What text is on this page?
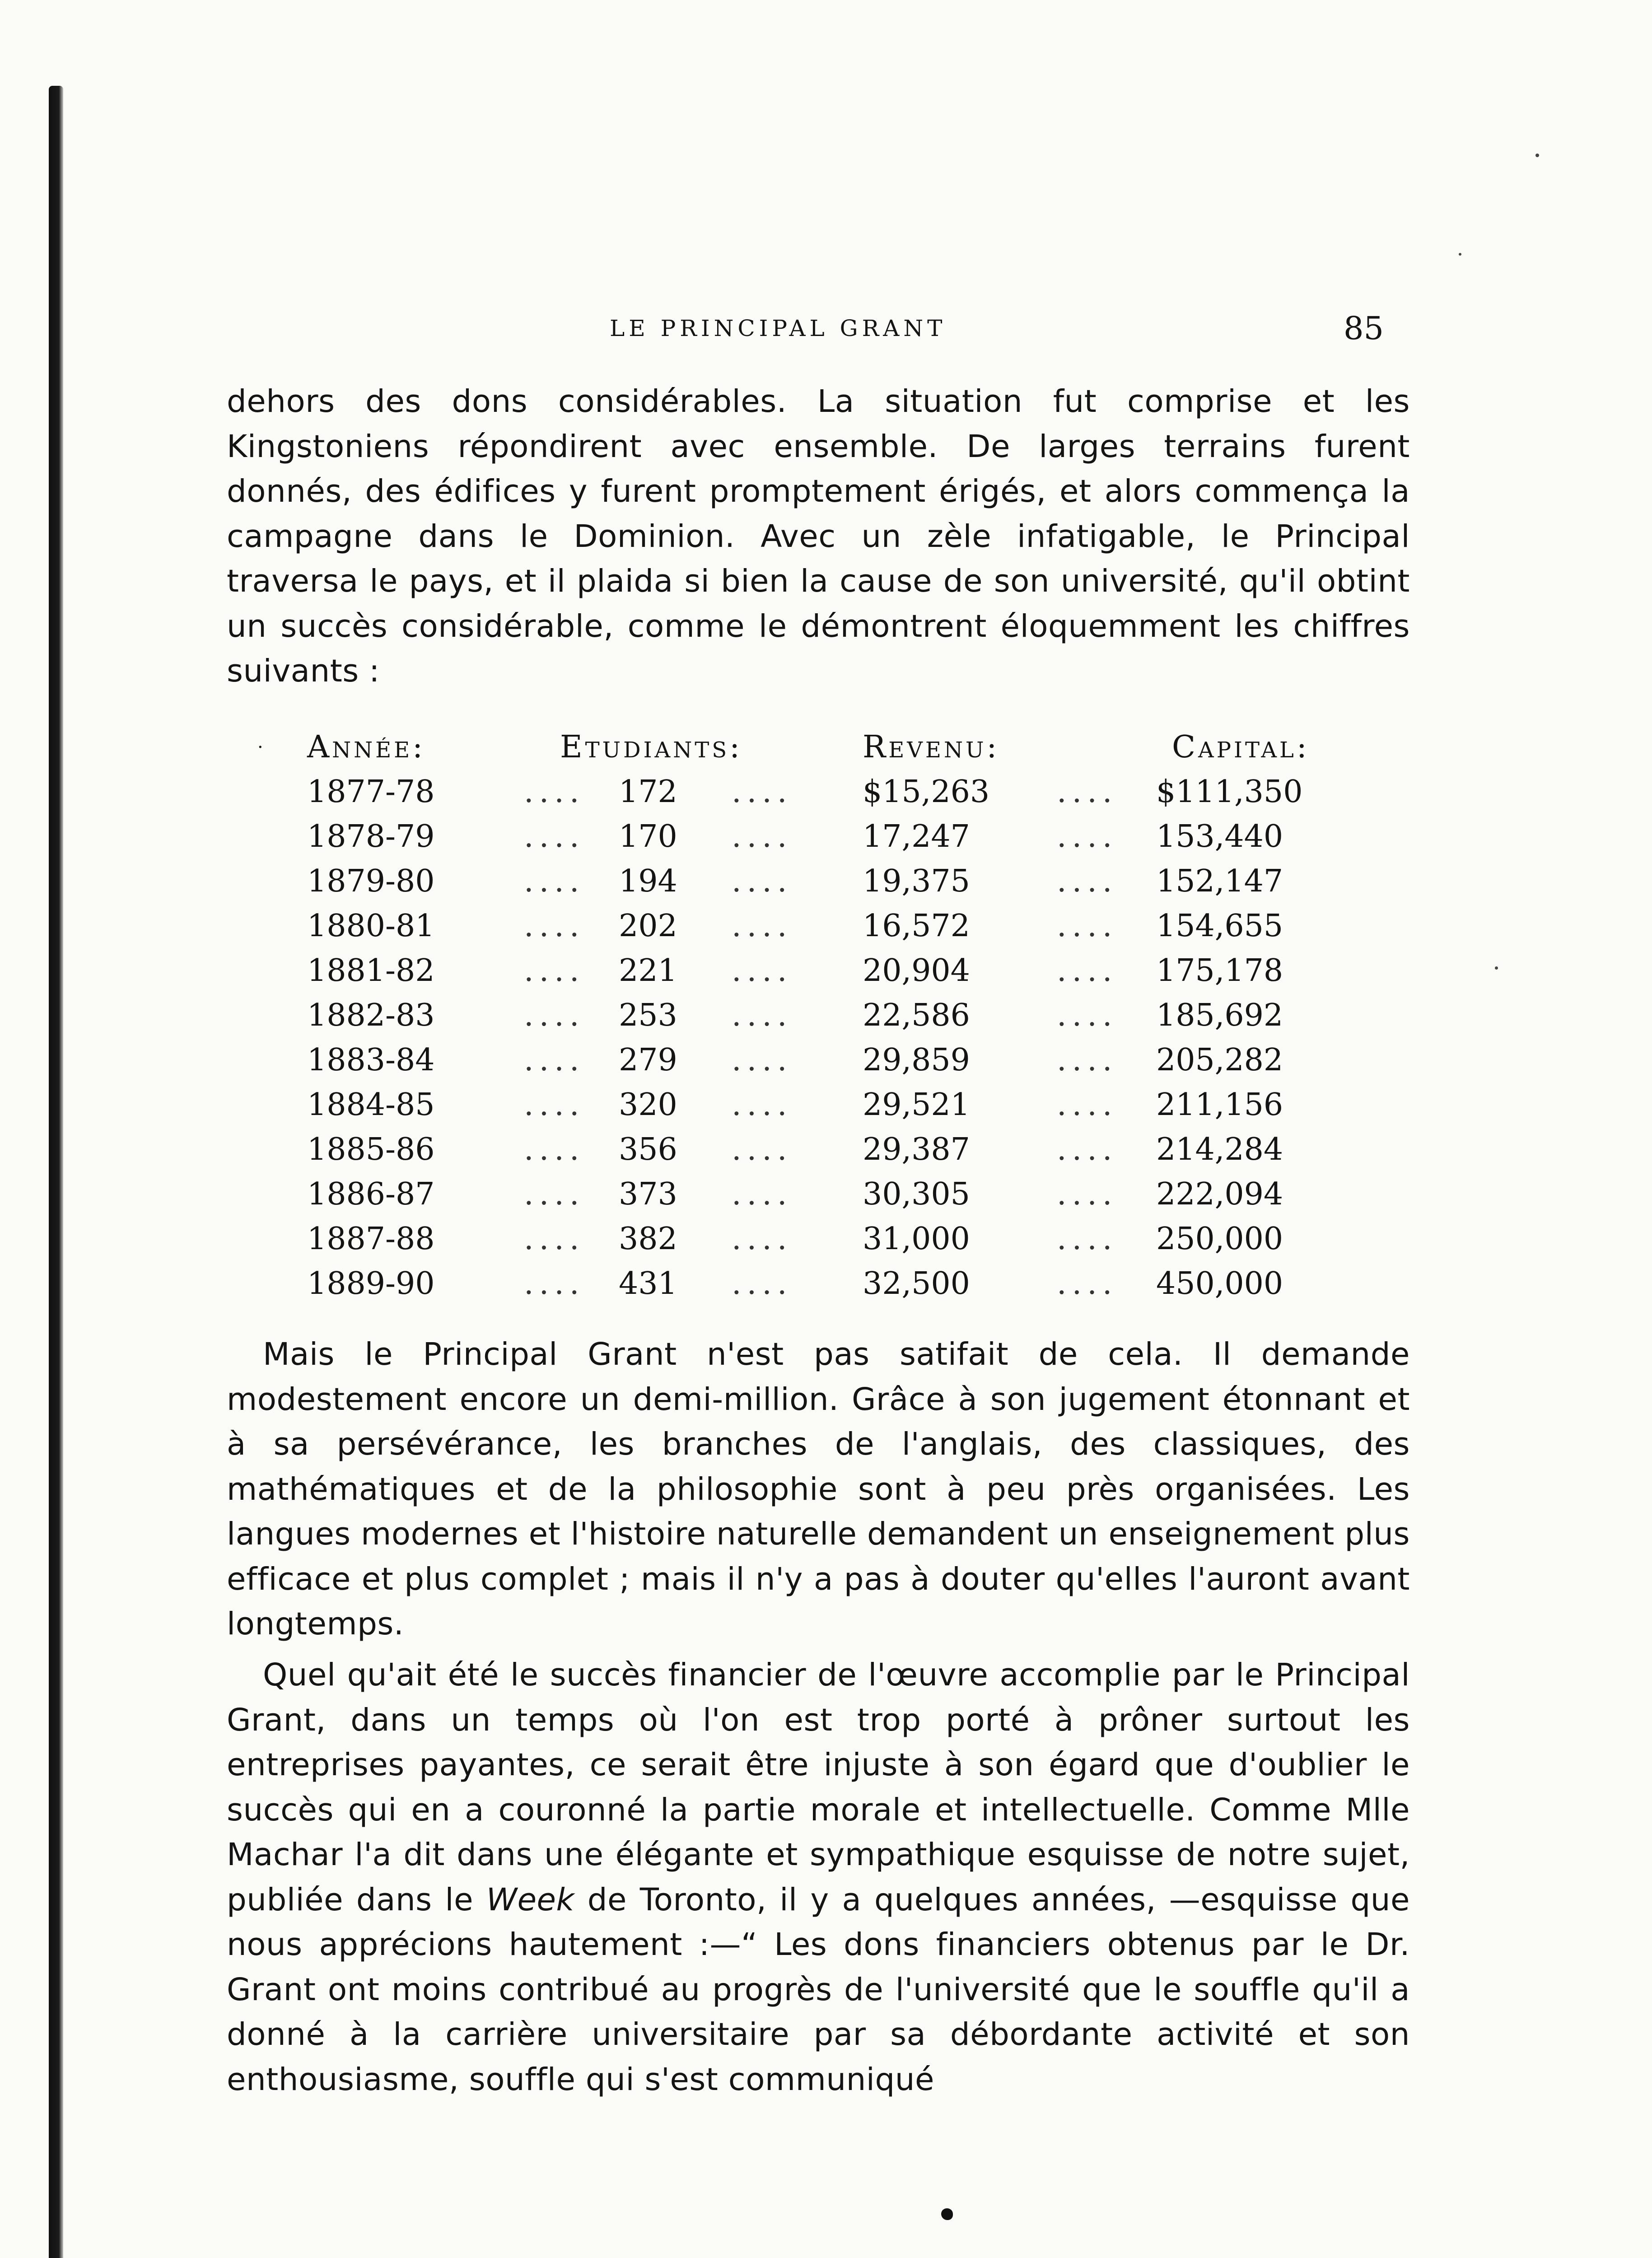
LE PRINCIPAL GRANT	85

dehors des dons considérables. La situation fut comprise et les Kingstoniens répondirent avec ensemble. De larges terrains furent donnés, des édifices y furent promptement érigés, et alors commença la campagne dans le Dominion. Avec un zèle infatigable, le Principal traversa le pays, et il plaida si bien la cause de son université, qu'il obtint un succès considérable, comme le démontrent éloquemment les chiffres suivants :

· Année:	Etudiants:	Revenu:	Capital:
1877-78	.... 172 .... $15,263 .... $111,350
1878-79	.... 170 .... 17,247	.... 153,440
1879-80	.... 194 .... 19,375	.... 152,147
1880-81	.... 202 .... 16,572	.... 154,655
1881-82	.... 221 .... 20,904	.... 175,178
1882-83	.... 253 .... 22,586	.... 185,692
1883-84	.... 279 .... 29,859	.... 205,282
1884-85	.... 320 .... 29,521	.... 211,156
1885-86	.... 356 .... 29,387	.... 214,284
1886-87	.... 373 .... 30,305	.... 222,094
1887-88	.... 382 .... 31,000	.... 250,000
1889-90	.... 431 .... 32,500	.... 450,000

Mais le Principal Grant n'est pas satifait de cela. Il demande modestement encore un demi-million. Grâce à son jugement étonnant et à sa persévérance, les branches de l'anglais, des classiques, des mathématiques et de la philosophie sont à peu près organisées. Les langues modernes et l'histoire naturelle demandent un enseignement plus efficace et plus complet ; mais il n'y a pas à douter qu'elles l'auront avant longtemps.

Quel qu'ait été le succès financier de l'œuvre accomplie par le Principal Grant, dans un temps où l'on est trop porté à prôner surtout les entreprises payantes, ce serait être injuste à son égard que d'oublier le succès qui en a couronné la partie morale et intellectuelle. Comme Mlle Machar l'a dit dans une élégante et sympathique esquisse de notre sujet, publiée dans le Week de Toronto, il y a quelques années, —esquisse que nous apprécions hautement :—“ Les dons financiers obtenus par le Dr. Grant ont moins contribué au progrès de l'université que le souffle qu'il a donné à la carrière universitaire par sa débordante activité et son enthousiasme, souffle qui s'est communiqué
